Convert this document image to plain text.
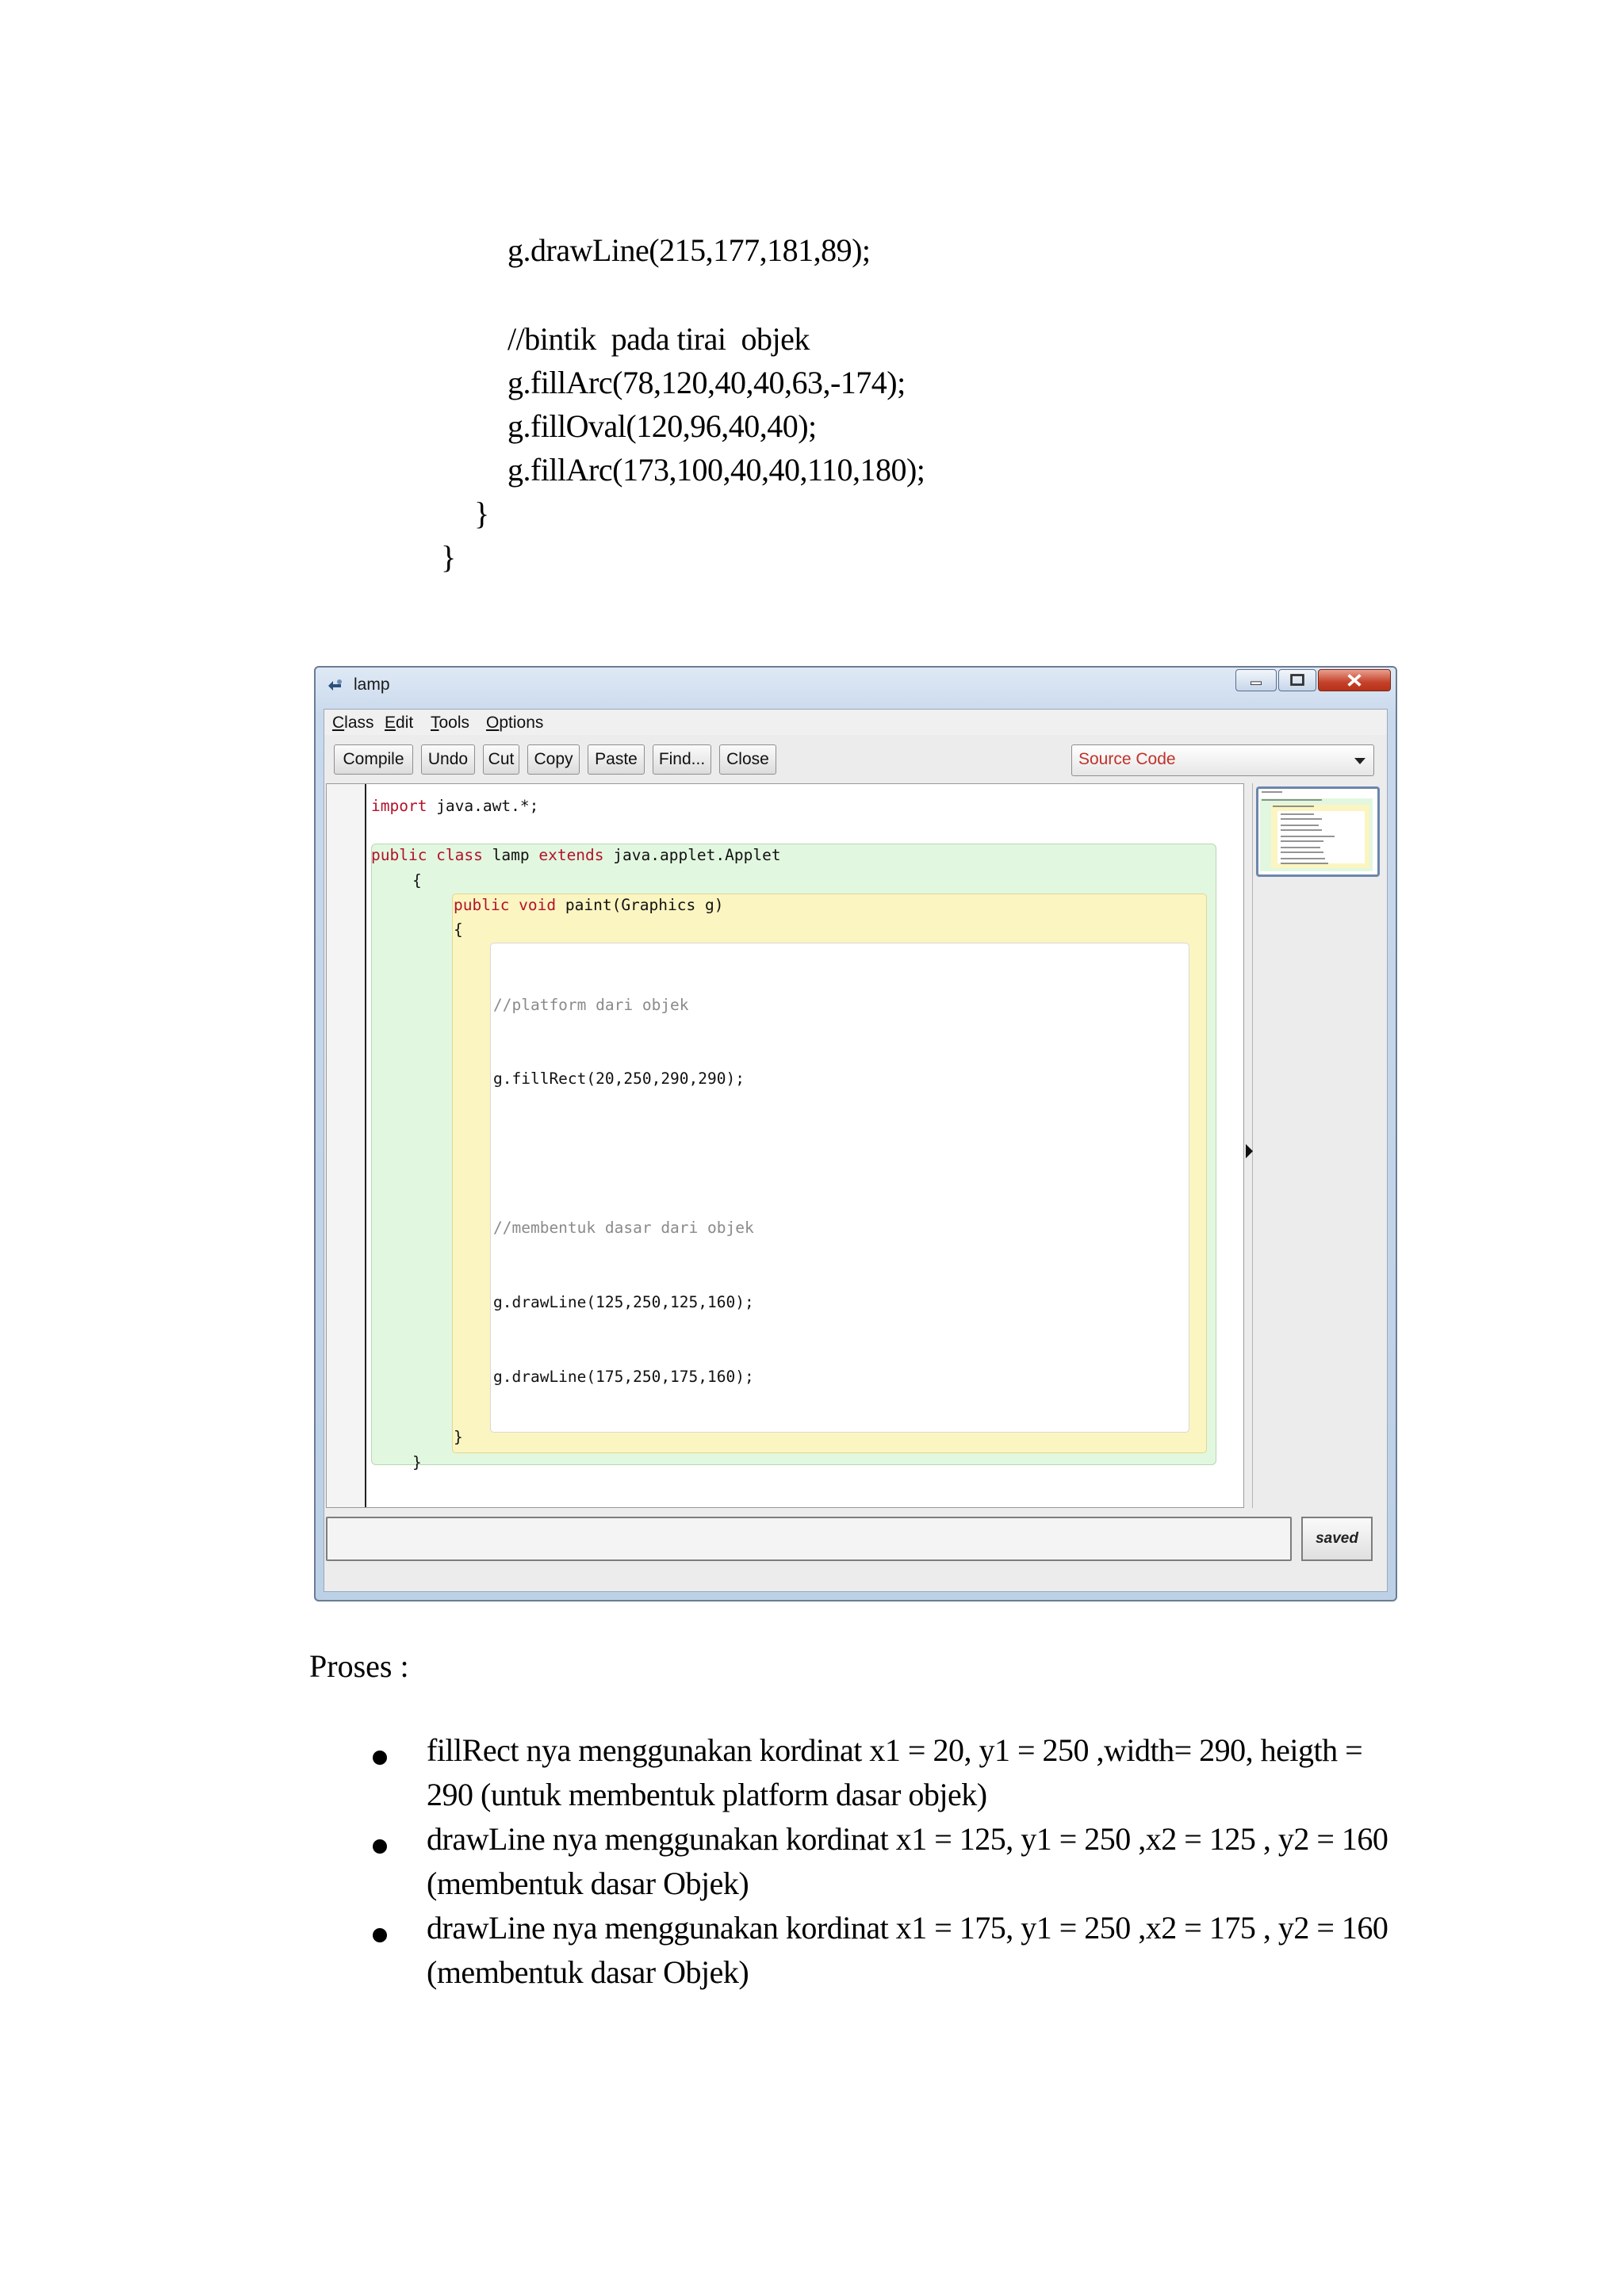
g.drawLine(215,177,181,89);
//bintik  pada tirai  objek
g.fillArc(78,120,40,40,63,-174);
g.fillOval(120,96,40,40);
g.fillArc(173,100,40,40,110,180);
}
}
lamp
Class Edit Tools Options
Compile	Undo	Cut	Copy	Paste	Find...	Close	Source Code
import java.awt.*;
public class lamp extends java.applet.Applet
{
public void paint(Graphics g)
{

//platform dari objek

g.fillRect(20,250,290,290);

//membentuk dasar dari objek

g.drawLine(125,250,125,160);

g.drawLine(175,250,175,160);

}
}
saved
Proses :
fillRect nya menggunakan kordinat x1 = 20, y1 = 250 ,width= 290, heigth = 290 (untuk membentuk platform dasar objek)
drawLine nya menggunakan kordinat x1 = 125, y1 = 250 ,x2 = 125 , y2 = 160 (membentuk dasar Objek)
drawLine nya menggunakan kordinat x1 = 175, y1 = 250 ,x2 = 175 , y2 = 160 (membentuk dasar Objek)
